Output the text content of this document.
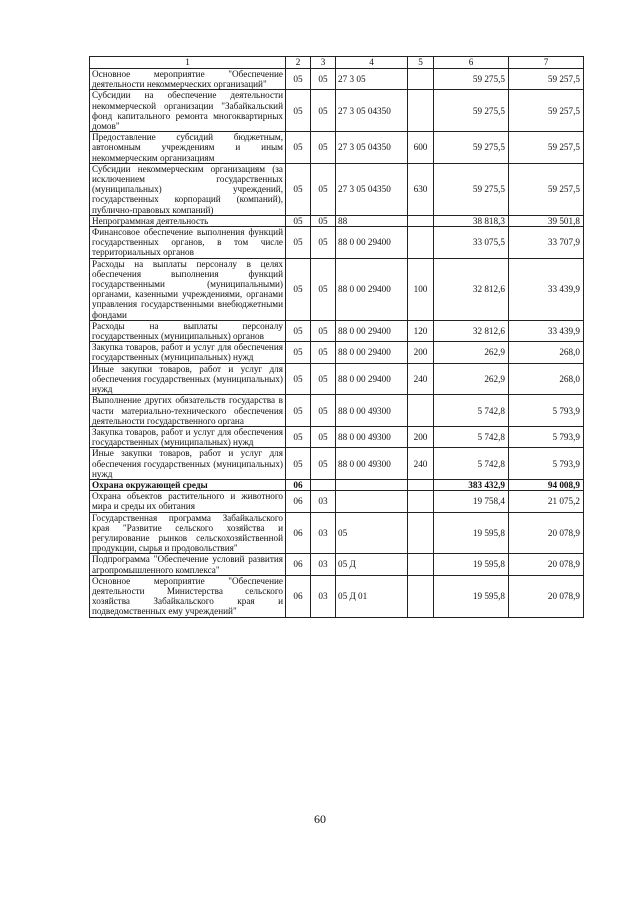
1	2	3	4	5	6	7
Основное мероприятие "Обеспечение деятельности некоммерческих организаций"	05	05	27 3 05		59 275,5	59 257,5
Субсидии на обеспечение деятельности некоммерческой организации "Забайкальский фонд капитального ремонта многоквартирных домов"	05	05	27 3 05 04350		59 275,5	59 257,5
Предоставление субсидий бюджетным, автономным учреждениям и иным некоммерческим организациям	05	05	27 3 05 04350	600	59 275,5	59 257,5
Субсидии некоммерческим организациям (за исключением государственных (муниципальных) учреждений, государственных корпораций (компаний), публично-правовых компаний)	05	05	27 3 05 04350	630	59 275,5	59 257,5
Непрограммная деятельность	05	05	88		38 818,3	39 501,8
Финансовое обеспечение выполнения функций государственных органов, в том числе территориальных органов	05	05	88 0 00 29400		33 075,5	33 707,9
Расходы на выплаты персоналу в целях обеспечения выполнения функций государственными (муниципальными) органами, казенными учреждениями, органами управления государственными внебюджетными фондами	05	05	88 0 00 29400	100	32 812,6	33 439,9
Расходы на выплаты персоналу государственных (муниципальных) органов	05	05	88 0 00 29400	120	32 812,6	33 439,9
Закупка товаров, работ и услуг для обеспечения государственных (муниципальных) нужд	05	05	88 0 00 29400	200	262,9	268,0
Иные закупки товаров, работ и услуг для обеспечения государственных (муниципальных) нужд	05	05	88 0 00 29400	240	262,9	268,0
Выполнение других обязательств государства в части материально-технического обеспечения деятельности государственного органа	05	05	88 0 00 49300		5 742,8	5 793,9
Закупка товаров, работ и услуг для обеспечения государственных (муниципальных) нужд	05	05	88 0 00 49300	200	5 742,8	5 793,9
Иные закупки товаров, работ и услуг для обеспечения государственных (муниципальных) нужд	05	05	88 0 00 49300	240	5 742,8	5 793,9
Охрана окружающей среды	06				383 432,9	94 008,9
Охрана объектов растительного и животного мира и среды их обитания	06	03			19 758,4	21 075,2
Государственная программа Забайкальского края "Развитие сельского хозяйства и регулирование рынков сельскохозяйственной продукции, сырья и продовольствия"	06	03	05		19 595,8	20 078,9
Подпрограмма "Обеспечение условий развития агропромышленного комплекса"	06	03	05 Д		19 595,8	20 078,9
Основное мероприятие "Обеспечение деятельности Министерства сельского хозяйства Забайкальского края и подведомственных ему учреждений"	06	03	05 Д 01		19 595,8	20 078,9
60
